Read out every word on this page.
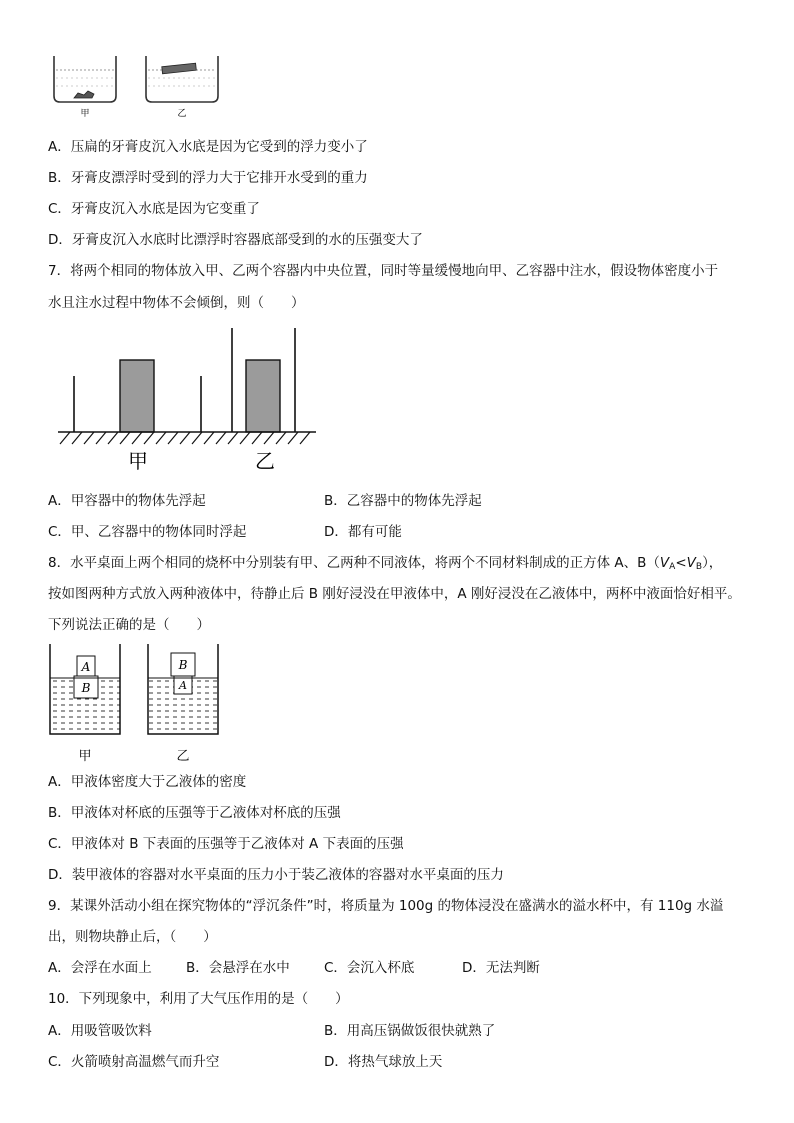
甲	乙
A．压扁的牙膏皮沉入水底是因为它受到的浮力变小了
B．牙膏皮漂浮时受到的浮力大于它排开水受到的重力
C．牙膏皮沉入水底是因为它变重了
D．牙膏皮沉入水底时比漂浮时容器底部受到的水的压强变大了
7．将两个相同的物体放入甲、乙两个容器内中央位置，同时等量缓慢地向甲、乙容器中注水，假设物体密度小于
水且注水过程中物体不会倾倒，则（　　）
甲	乙
A．甲容器中的物体先浮起	B．乙容器中的物体先浮起
C．甲、乙容器中的物体同时浮起	D．都有可能
8．水平桌面上两个相同的烧杯中分别装有甲、乙两种不同液体，将两个不同材料制成的正方体 A、$B(V_A<V_B)$，
按如图两种方式放入两种液体中，待静止后 B 刚好浸没在甲液体中，A 刚好浸没在乙液体中，两杯中液面恰好相平。
下列说法正确的是（　　）
A
B
B
A
甲	乙
A．甲液体密度大于乙液体的密度
B．甲液体对杯底的压强等于乙液体对杯底的压强
C．甲液体对 B 下表面的压强等于乙液体对 A 下表面的压强
D．装甲液体的容器对水平桌面的压力小于装乙液体的容器对水平桌面的压力
9．某课外活动小组在探究物体的“浮沉条件”时，将质量为 100g 的物体浸没在盛满水的溢水杯中，有 110g 水溢
出，则物块静止后，（　　）
A．会浮在水面上	B．会悬浮在水中	C．会沉入杯底	D．无法判断
10．下列现象中，利用了大气压作用的是（　　）
A．用吸管吸饮料	B．用高压锅做饭很快就熟了
C．火箭喷射高温燃气而升空	D．将热气球放上天
